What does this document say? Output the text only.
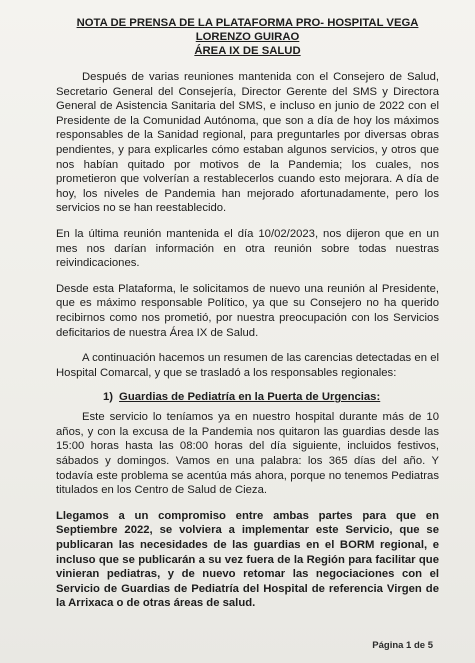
NOTA DE PRENSA DE LA PLATAFORMA PRO- HOSPITAL VEGA LORENZO GUIRAO

ÁREA IX DE SALUD

Después de varias reuniones mantenida con el Consejero de Salud, Secretario General del Consejería, Director Gerente del SMS y Directora General de Asistencia Sanitaria del SMS, e incluso en junio de 2022 con el Presidente de la Comunidad Autónoma, que son a día de hoy los máximos responsables de la Sanidad regional, para preguntarles por diversas obras pendientes, y para explicarles cómo estaban algunos servicios, y otros que nos habían quitado por motivos de la Pandemia; los cuales, nos prometieron que volverían a restablecerlos cuando esto mejorara. A día de hoy, los niveles de Pandemia han mejorado afortunadamente, pero los servicios no se han reestablecido.

En la última reunión mantenida el día 10/02/2023, nos dijeron que en un mes nos darían información en otra reunión sobre todas nuestras reivindicaciones.

Desde esta Plataforma, le solicitamos de nuevo una reunión al Presidente, que es máximo responsable Político, ya que su Consejero no ha querido recibirnos como nos prometió, por nuestra preocupación con los Servicios deficitarios de nuestra Área IX de Salud.

A continuación hacemos un resumen de las carencias detectadas en el Hospital Comarcal, y que se trasladó a los responsables regionales:

1) Guardias de Pediatría en la Puerta de Urgencias:

Este servicio lo teníamos ya en nuestro hospital durante más de 10 años, y con la excusa de la Pandemia nos quitaron las guardias desde las 15:00 horas hasta las 08:00 horas del día siguiente, incluidos festivos, sábados y domingos. Vamos en una palabra: los 365 días del año. Y todavía este problema se acentúa más ahora, porque no tenemos Pediatras titulados en los Centro de Salud de Cieza.

Llegamos a un compromiso entre ambas partes para que en Septiembre 2022, se volviera a implementar este Servicio, que se publicaran las necesidades de las guardias en el BORM regional, e incluso que se publicarán a su vez fuera de la Región para facilitar que vinieran pediatras, y de nuevo retomar las negociaciones con el Servicio de Guardias de Pediatría del Hospital de referencia Virgen de la Arrixaca o de otras áreas de salud.

Página 1 de 5
